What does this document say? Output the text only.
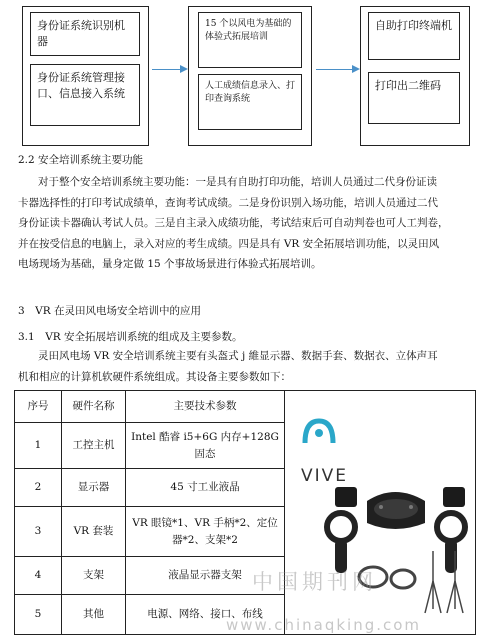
身份证系统识别机器
身份证系统管理接口、信息接入系统
15 个以风电为基础的体验式拓展培训
人工成绩信息录入、打印查询系统
自助打印终端机
打印出二维码
2.2 安全培训系统主要功能
对于整个安全培训系统主要功能：一是具有自助打印功能，培训人员通过二代身份证读
卡器选择性的打印考试成绩单，查询考试成绩。二是身份识别入场功能，培训人员通过二代
身份证读卡器确认考试人员。三是自主录入成绩功能，考试结束后可自动判卷也可人工判卷，
并在按受信息的电脑上，录入对应的考生成绩。四是具有 VR 安全拓展培训功能，以灵田风
电场现场为基础，量身定做 15 个事故场景进行体验式拓展培训。
3　VR 在灵田风电场安全培训中的应用
3.1　VR 安全拓展培训系统的组成及主要参数。
灵田风电场 VR 安全培训系统主要有头盔式 j 維显示器、数据手套、数据衣、立体声耳
机和相应的计算机软硬件系统组成。其设备主要参数如下：
序号	硬件名称	主要技术参数	VIVE

1	工控主机	Intel 酷睿 i5+6G 内存+128G 固态	
2	显示器	45 寸工业液晶	
3	VR 套装	VR 眼镜*1、VR 手柄*2、定位器*2、支架*2	
4	支架	液晶显示器支架	
5	其他	电源、网络、接口、布线	
中国期刊网
www.chinaqking.com
